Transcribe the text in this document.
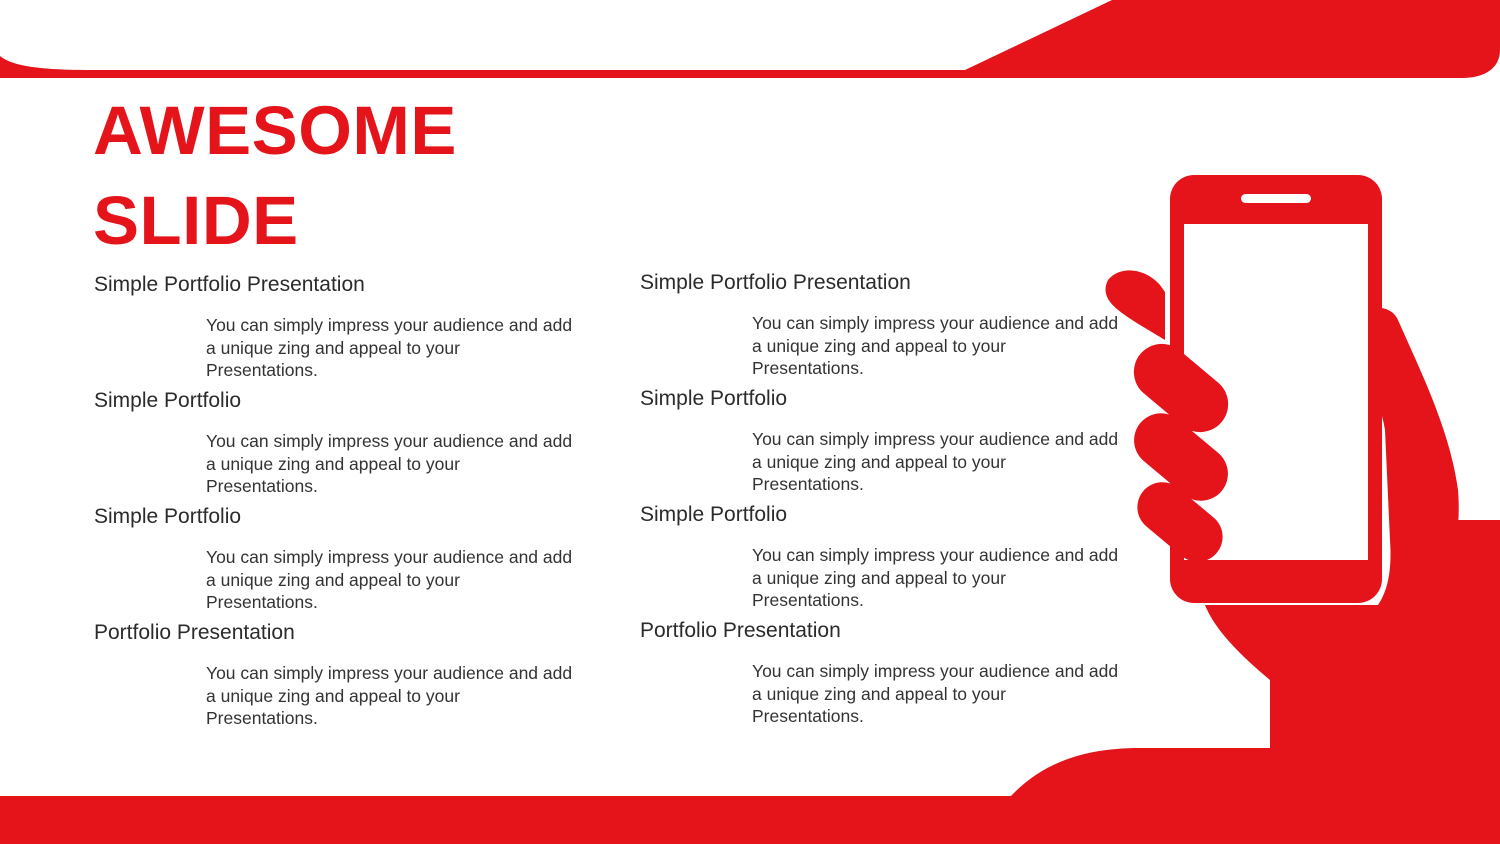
AWESOME
SLIDE
Simple Portfolio Presentation
You can simply impress your audience and add a unique zing and appeal to your Presentations.
Simple Portfolio
You can simply impress your audience and add a unique zing and appeal to your Presentations.
Simple Portfolio
You can simply impress your audience and add a unique zing and appeal to your Presentations.
Portfolio Presentation
You can simply impress your audience and add a unique zing and appeal to your Presentations.
Simple Portfolio Presentation
You can simply impress your audience and add a unique zing and appeal to your Presentations.
Simple Portfolio
You can simply impress your audience and add a unique zing and appeal to your Presentations.
Simple Portfolio
You can simply impress your audience and add a unique zing and appeal to your Presentations.
Portfolio Presentation
You can simply impress your audience and add a unique zing and appeal to your Presentations.
